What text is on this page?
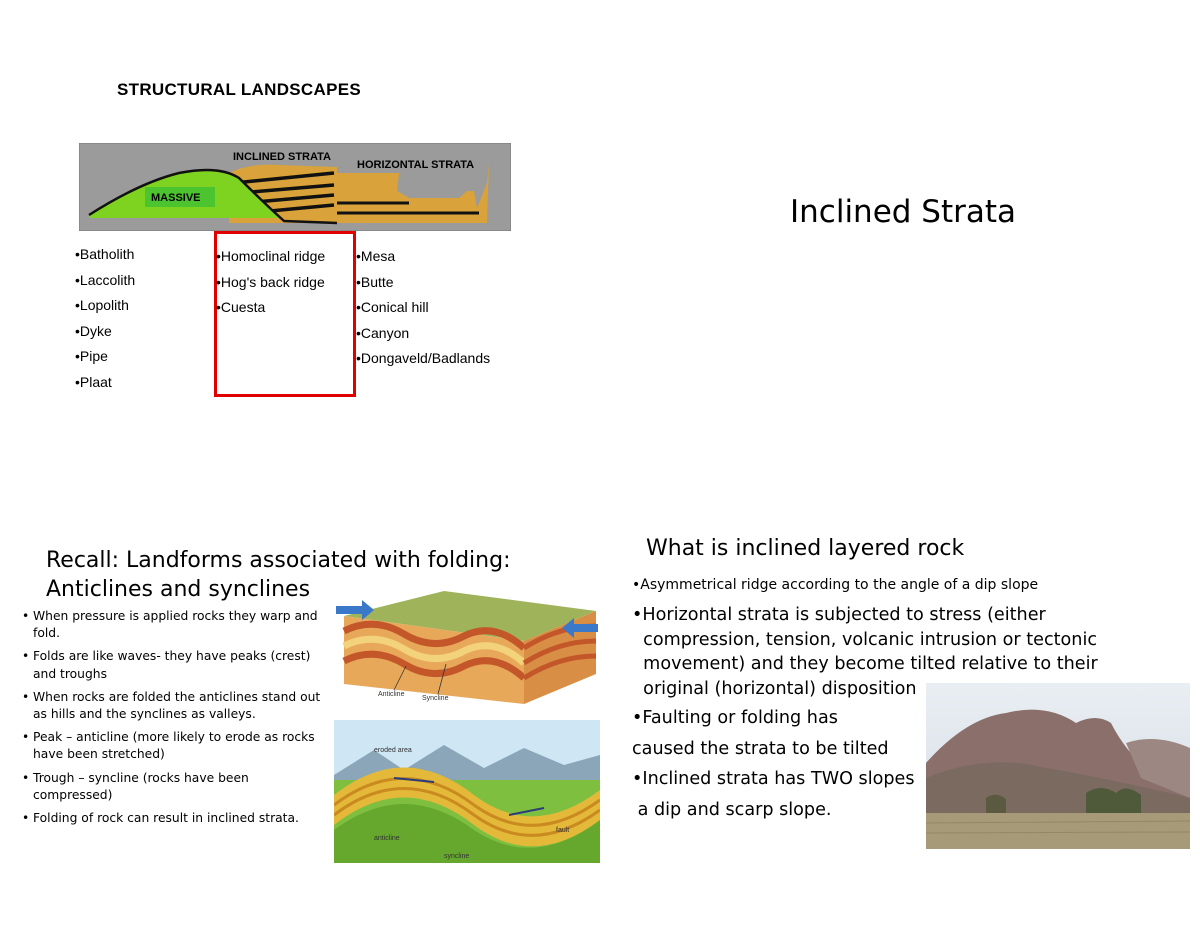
STRUCTURAL LANDSCAPES
MASSIVE
INCLINED STRATA
HORIZONTAL STRATA
•Batholith
•Laccolith
•Lopolith
•Dyke
•Pipe
•Plaat
•Homoclinal ridge
•Hog's back ridge
•Cuesta
•Mesa
•Butte
•Conical hill
•Canyon
•Dongaveld/Badlands
Inclined Strata
Recall: Landforms associated with folding:
Anticlines and synclines
• When pressure is applied rocks they warp and fold.
• Folds are like waves- they have peaks (crest) and troughs
• When rocks are folded the anticlines stand out as hills and the synclines as valleys.
• Peak – anticline (more likely to erode as rocks have been stretched)
• Trough – syncline (rocks have been compressed)
• Folding of rock can result in inclined strata.
Anticline
Syncline
eroded area
anticline
syncline
fault
What is inclined layered rock
•Asymmetrical ridge according to the angle of a dip slope
•Horizontal strata is subjected to stress (either
compression, tension, volcanic intrusion or tectonic
movement) and they become tilted relative to their
original (horizontal) disposition
•Faulting or folding has
caused the strata to be tilted
•Inclined strata has TWO slopes
a dip and scarp slope.
